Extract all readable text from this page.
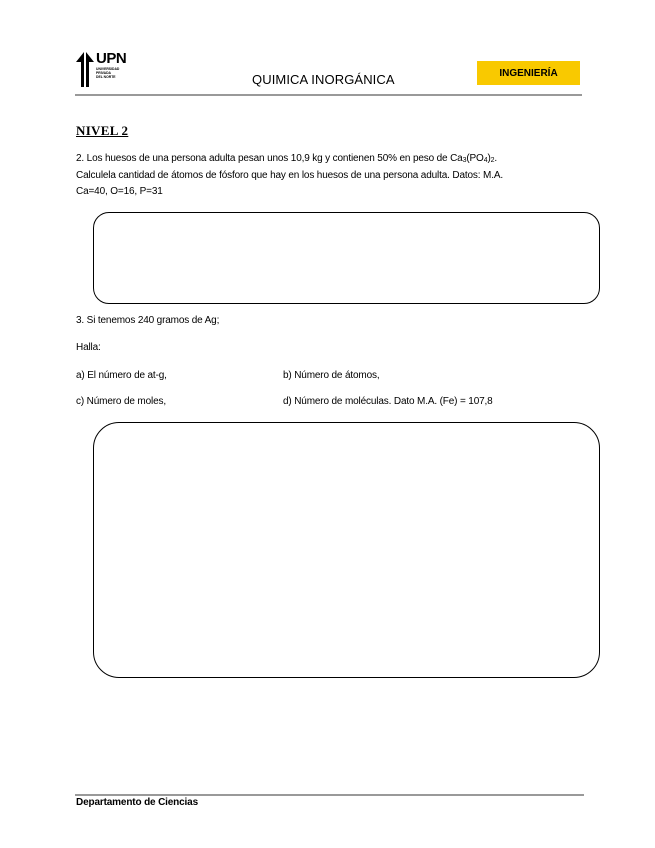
UPN
UNIVERSIDAD
PRIVADA
DEL NORTE	QUIMICA INORGÁNICA	INGENIERÍA
NIVEL 2
2. Los huesos de una persona adulta pesan unos 10,9 kg y contienen 50% en peso de $Ca_3(PO_4)_2$.
Calculela cantidad de átomos de fósforo que hay en los huesos de una persona adulta. Datos: M.A.
Ca=40, O=16, P=31
3. Si tenemos 240 gramos de Ag;
Halla:
a) El número de at-g,	b) Número de átomos,
c) Número de moles,	d) Número de moléculas. Dato M.A. (Fe) = 107,8
Departamento de Ciencias
